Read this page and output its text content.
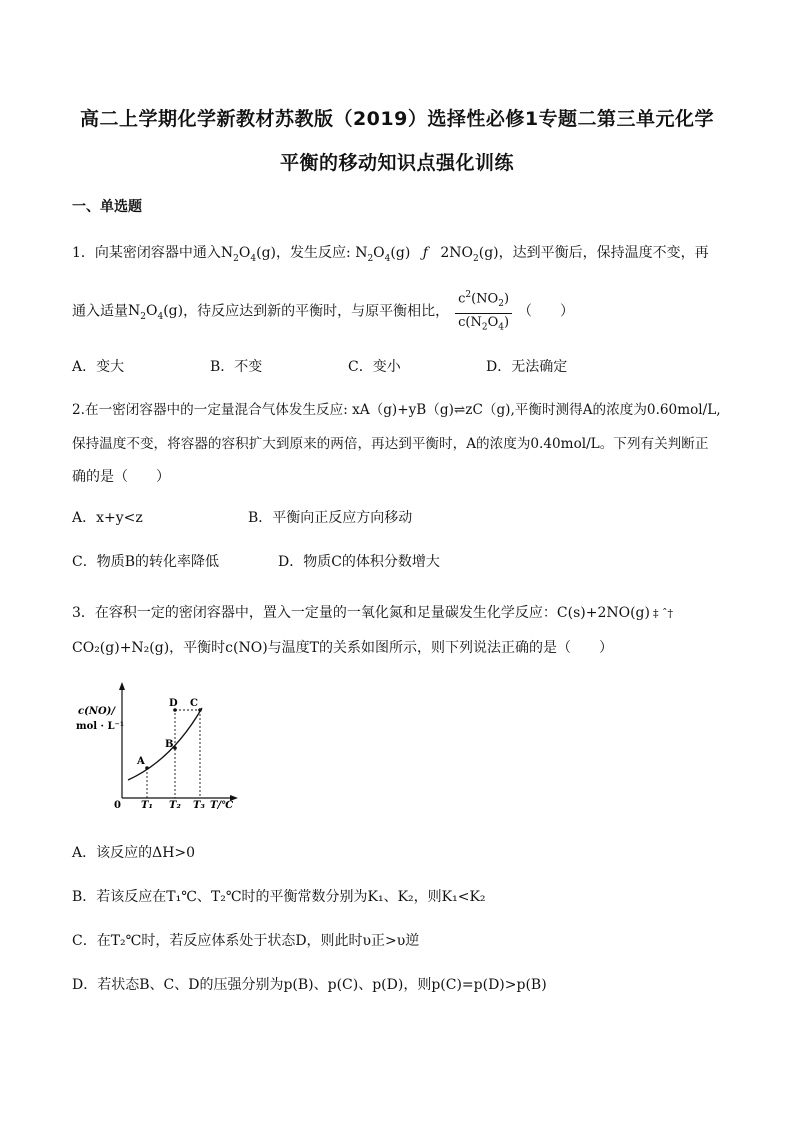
高二上学期化学新教材苏教版（2019）选择性必修1专题二第三单元化学
平衡的移动知识点强化训练
一、单选题
1．向某密闭容器中通入$N_2O_4(g)$，发生反应: $N_2O_4(g)$ ƒ $2NO_2(g)$，达到平衡后，保持温度不变，再
通入适量$N_2O_4(g)$，待反应达到新的平衡时，与原平衡相比， $\frac{c^2(NO_2)}{c(N_2O_4)}$ （　　）
A．变大	B．不变	C．变小	D．无法确定
2.在一密闭容器中的一定量混合气体发生反应: xA（g)+yB（g)⇌zC（g),平衡时测得A的浓度为0.60mol/L,
保持温度不变，将容器的容积扩大到原来的两倍，再达到平衡时，A的浓度为0.40mol/L。下列有关判断正
确的是（　　）
A．x+y<z	B．平衡向正反应方向移动
C．物质B的转化率降低	D．物质C的体积分数增大
3．在容积一定的密闭容器中，置入一定量的一氧化氮和足量碳发生化学反应：C(s)+2NO(g) ‡ ˆ†
CO₂(g)+N₂(g)，平衡时c(NO)与温度T的关系如图所示，则下列说法正确的是（　　）
c(NO)/
mol · L⁻¹
0 T₁ T₂ T₃ T/℃
A
B
D C
A．该反应的ΔH>0
B．若该反应在T₁℃、T₂℃时的平衡常数分别为K₁、K₂，则K₁<K₂
C．在T₂℃时，若反应体系处于状态D，则此时υ正>υ逆
D．若状态B、C、D的压强分别为p(B)、p(C)、p(D)，则p(C)=p(D)>p(B)
